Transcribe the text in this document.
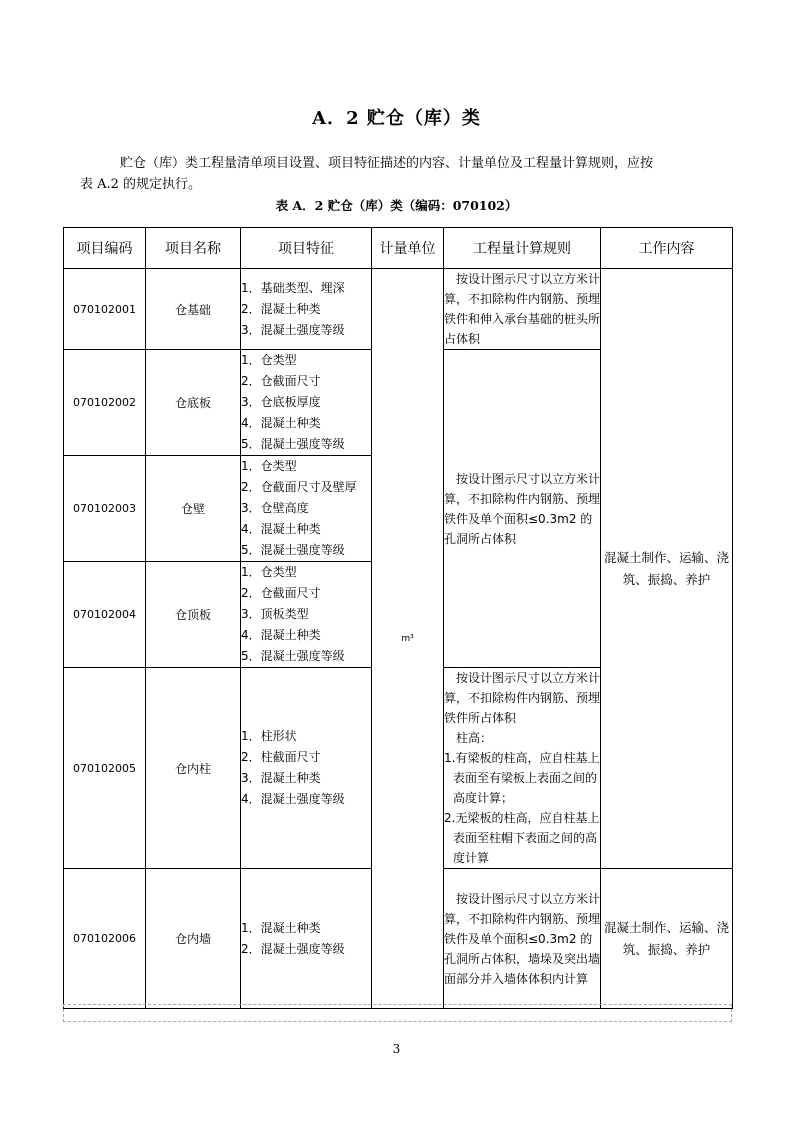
A．2 贮仓（库）类
贮仓（库）类工程量清单项目设置、项目特征描述的内容、计量单位及工程量计算规则，应按
表 A.2 的规定执行。
表 A．2 贮仓（库）类（编码：070102）
项目编码	项目名称	项目特征	计量单位	工程量计算规则	工作内容
070102001	仓基础	1．基础类型、埋深
2．混凝土种类
3．混凝土强度等级	m³	按设计图示尺寸以立方米计算，不扣除构件内钢筋、预埋铁件和伸入承台基础的桩头所占体积	混凝土制作、运输、浇筑、振捣、养护
070102002	仓底板	1．仓类型
2．仓截面尺寸
3．仓底板厚度
4．混凝土种类
5．混凝土强度等级		按设计图示尺寸以立方米计算，不扣除构件内钢筋、预埋铁件及单个面积≤0.3m2 的孔洞所占体积	

070102003	仓壁	1．仓类型
2．仓截面尺寸及壁厚
3．仓壁高度
4．混凝土种类
5．混凝土强度等级			

070102004	仓顶板	1．仓类型
2．仓截面尺寸
3．顶板类型
4．混凝土种类
5．混凝土强度等级			

070102005	仓内柱	1．柱形状
2．柱截面尺寸
3．混凝土种类
4．混凝土强度等级		按设计图示尺寸以立方米计算，不扣除构件内钢筋、预埋铁件所占体积
柱高：
1.有梁板的柱高，应自柱基上表面至有梁板上表面之间的高度计算；
2.无梁板的柱高，应自柱基上表面至柱帽下表面之间的高度计算	

070102006	仓内墙	1．混凝土种类
2．混凝土强度等级		按设计图示尺寸以立方米计算，不扣除构件内钢筋、预埋铁件及单个面积≤0.3m2 的孔洞所占体积，墙垛及突出墙面部分并入墙体体积内计算	混凝土制作、运输、浇筑、振捣、养护
3
